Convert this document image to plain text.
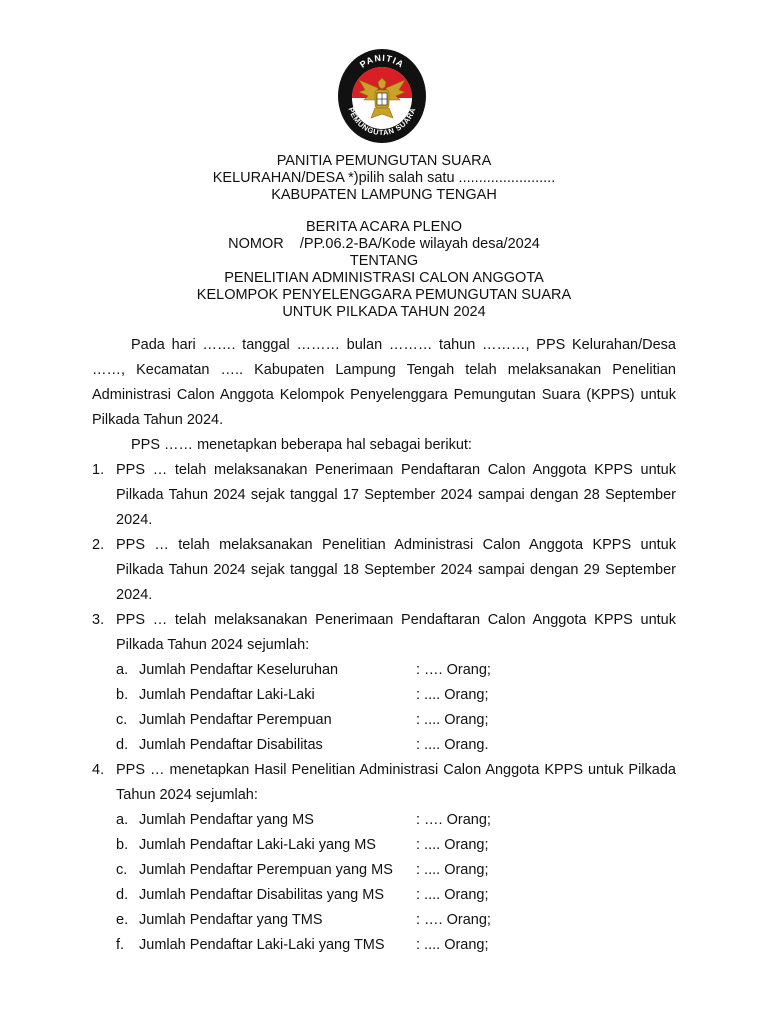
PANITIA
PEMUNGUTAN SUARA
PANITIA PEMUNGUTAN SUARA
KELURAHAN/DESA *)pilih salah satu ........................
KABUPATEN LAMPUNG TENGAH
BERITA ACARA PLENO
NOMOR    /PP.06.2-BA/Kode wilayah desa/2024
TENTANG
PENELITIAN ADMINISTRASI CALON ANGGOTA
KELOMPOK PENYELENGGARA PEMUNGUTAN SUARA
UNTUK PILKADA TAHUN 2024

Pada hari ……. tanggal ……… bulan ……… tahun ………, PPS Kelurahan/Desa ……, Kecamatan ….. Kabupaten Lampung Tengah telah melaksanakan Penelitian Administrasi Calon Anggota Kelompok Penyelenggara Pemungutan Suara (KPPS) untuk Pilkada Tahun 2024.

PPS …… menetapkan beberapa hal sebagai berikut:

1. PPS … telah melaksanakan Penerimaan Pendaftaran Calon Anggota KPPS untuk Pilkada Tahun 2024 sejak tanggal 17 September 2024 sampai dengan 28 September 2024.
2. PPS … telah melaksanakan Penelitian Administrasi Calon Anggota KPPS untuk Pilkada Tahun 2024 sejak tanggal 18 September 2024 sampai dengan 29 September 2024.
3. PPS … telah melaksanakan Penerimaan Pendaftaran Calon Anggota KPPS untuk Pilkada Tahun 2024 sejumlah:
a. Jumlah Pendaftar Keseluruhan	: …. Orang;
b. Jumlah Pendaftar Laki-Laki	: .... Orang;
c. Jumlah Pendaftar Perempuan	: .... Orang;
d. Jumlah Pendaftar Disabilitas	: .... Orang.
4. PPS … menetapkan Hasil Penelitian Administrasi Calon Anggota KPPS untuk Pilkada Tahun 2024 sejumlah:
a. Jumlah Pendaftar yang MS	: …. Orang;
b. Jumlah Pendaftar Laki-Laki yang MS	: .... Orang;
c. Jumlah Pendaftar Perempuan yang MS : .... Orang;
d. Jumlah Pendaftar Disabilitas yang MS : .... Orang;
e. Jumlah Pendaftar yang TMS	: …. Orang;
f. Jumlah Pendaftar Laki-Laki yang TMS : .... Orang;
